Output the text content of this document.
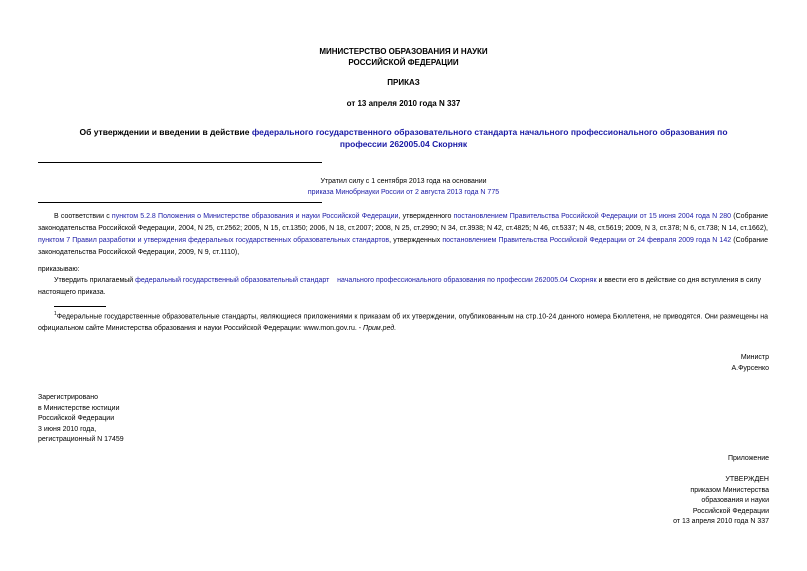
МИНИСТЕРСТВО ОБРАЗОВАНИЯ И НАУКИ
РОССИЙСКОЙ ФЕДЕРАЦИИ
ПРИКАЗ
от 13 апреля 2010 года N 337
Об утверждении и введении в действие федерального государственного образовательного стандарта начального профессионального образования по профессии 262005.04 Скорняк
Утратил силу с 1 сентября 2013 года на основании
приказа Минобрнауки России от 2 августа 2013 года N 775
В соответствии с пунктом 5.2.8 Положения о Министерстве образования и науки Российской Федерации, утвержденного постановлением Правительства Российской Федерации от 15 июня 2004 года N 280 (Собрание законодательства Российской Федерации, 2004, N 25, ст.2562; 2005, N 15, ст.1350; 2006, N 18, ст.2007; 2008, N 25, ст.2990; N 34, ст.3938; N 42, ст.4825; N 46, ст.5337; N 48, ст.5619; 2009, N 3, ст.378; N 6, ст.738; N 14, ст.1662), пунктом 7 Правил разработки и утверждения федеральных государственных образовательных стандартов, утвержденных постановлением Правительства Российской Федерации от 24 февраля 2009 года N 142 (Собрание законодательства Российской Федерации, 2009, N 9, ст.1110),
приказываю:
Утвердить прилагаемый федеральный государственный образовательный стандарт начального профессионального образования по профессии 262005.04 Скорняк и ввести его в действие со дня вступления в силу настоящего приказа.
$^1$Федеральные государственные образовательные стандарты, являющиеся приложениями к приказам об их утверждении, опубликованным на стр.10-24 данного номера Бюллетеня, не приводятся. Они размещены на официальном сайте Министерства образования и науки Российской Федерации: www.mon.gov.ru. - Прим.ред.
Министр
А.Фурсенко
Зарегистрировано
в Министерстве юстиции
Российской Федерации
3 июня 2010 года,
регистрационный N 17459
Приложение
УТВЕРЖДЕН
приказом Министерства
образования и науки
Российской Федерации
от 13 апреля 2010 года N 337
